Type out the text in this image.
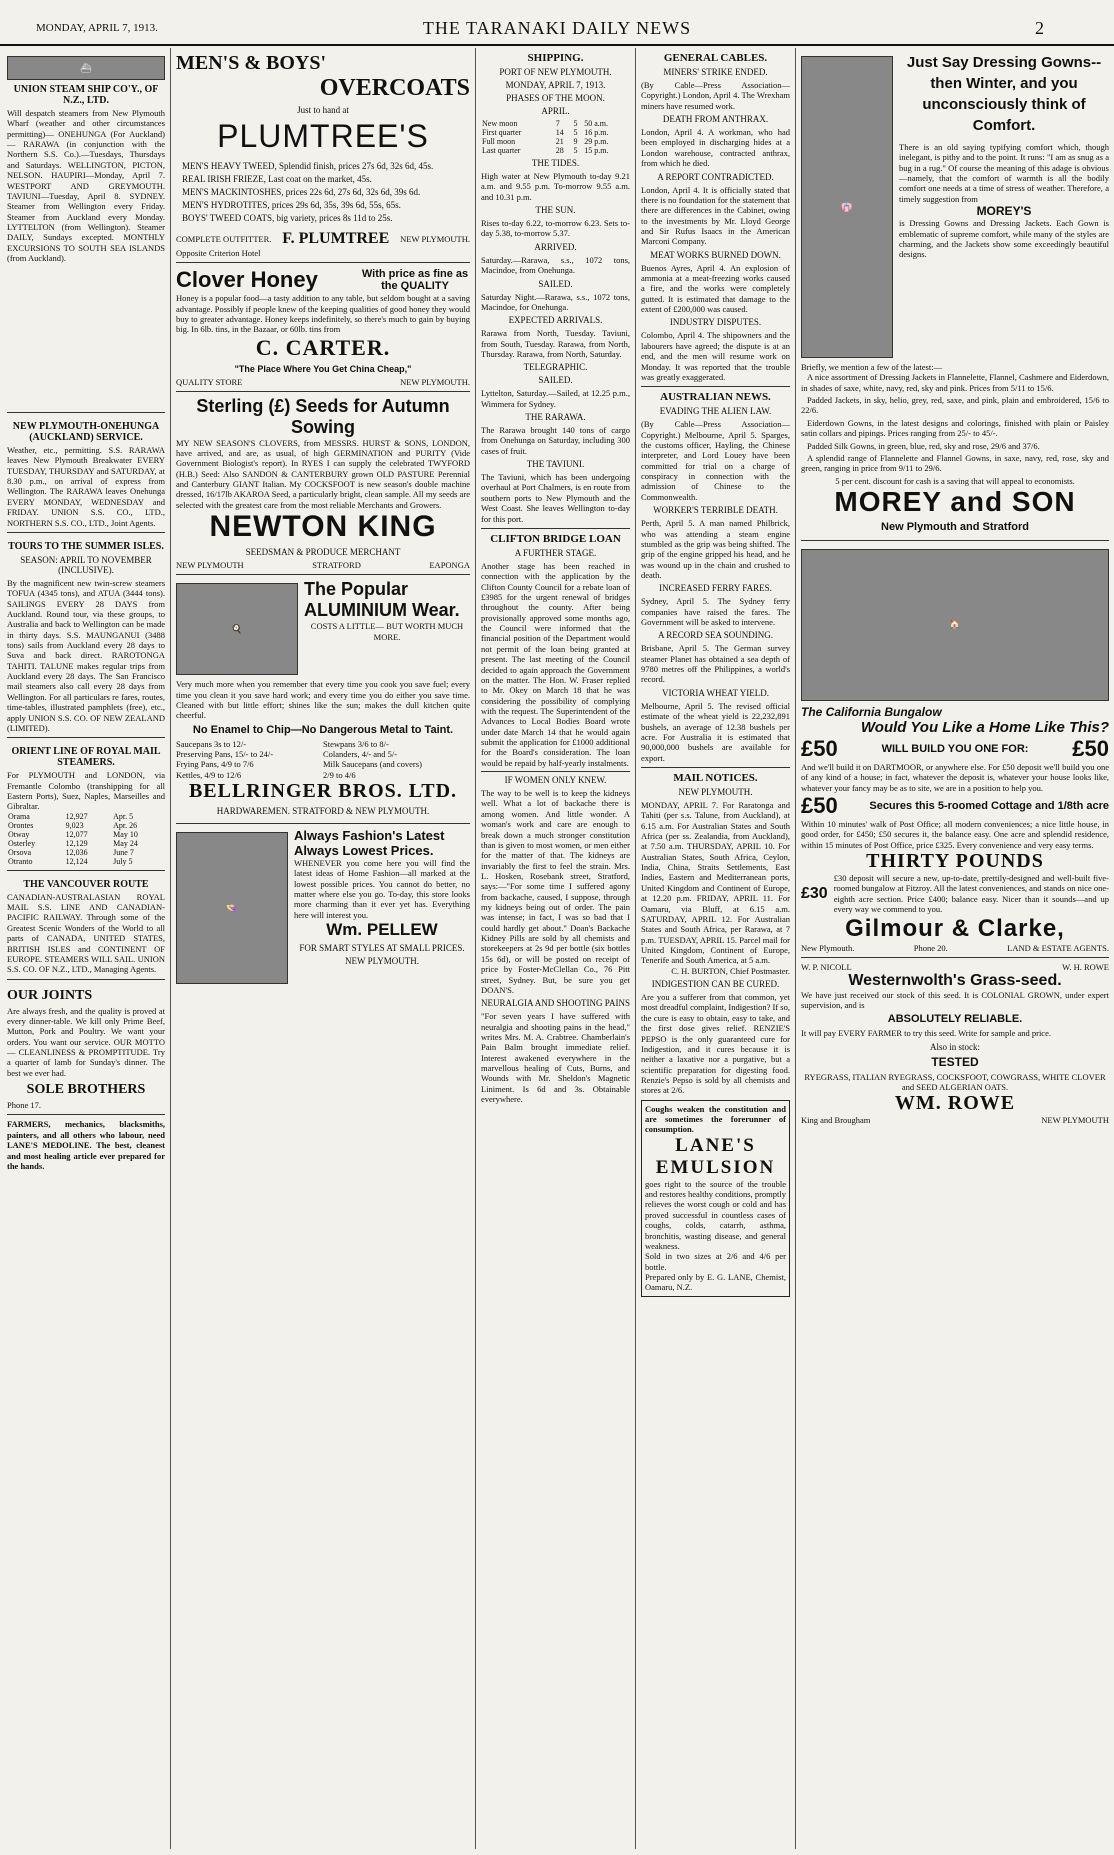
MONDAY, APRIL 7, 1913.	THE TARANAKI DAILY NEWS	2
⛴
UNION STEAM SHIP CO'Y., OF N.Z., LTD.
Will despatch steamers from New Plymouth Wharf (weather and other circumstances permitting)— ONEHUNGA (For Auckland)— RARAWA (in conjunction with the Northern S.S. Co.).—Tuesdays, Thursdays and Saturdays. WELLINGTON, PICTON, NELSON. HAUPIRI—Monday, April 7. WESTPORT AND GREYMOUTH. TAVIUNI—Tuesday, April 8. SYDNEY. Steamer from Wellington every Friday. Steamer from Auckland every Monday. LYTTELTON (from Wellington). Steamer DAILY, Sundays excepted. MONTHLY EXCURSIONS TO SOUTH SEA ISLANDS (from Auckland).
NEW PLYMOUTH-ONEHUNGA (AUCKLAND) SERVICE.
Weather, etc., permitting. S.S. RARAWA leaves New Plymouth Breakwater EVERY TUESDAY, THURSDAY and SATURDAY, at 8.30 p.m., on arrival of express from Wellington. The RARAWA leaves Onehunga EVERY MONDAY, WEDNESDAY and FRIDAY. UNION S.S. CO., LTD., NORTHERN S.S. CO., LTD., Joint Agents.
TOURS TO THE SUMMER ISLES.
SEASON: APRIL TO NOVEMBER (INCLUSIVE).
By the magnificent new twin-screw steamers TOFUA (4345 tons), and ATUA (3444 tons). SAILINGS EVERY 28 DAYS from Auckland. Round tour, via these groups, to Australia and back to Wellington can be made in thirty days. S.S. MAUNGANUI (3488 tons) sails from Auckland every 28 days to Suva and back direct. RAROTONGA TAHITI. TALUNE makes regular trips from Auckland every 28 days. The San Francisco mail steamers also call every 28 days from Wellington. For all particulars re fares, routes, time-tables, illustrated pamphlets (free), etc., apply UNION S.S. CO. OF NEW ZEALAND (LIMITED).
ORIENT LINE OF ROYAL MAIL STEAMERS.
For PLYMOUTH and LONDON, via Fremantle Colombo (transhipping for all Eastern Ports), Suez, Naples, Marseilles and Gibraltar.
Orama	12,927	Apr. 5
Orontes	9,023	Apr. 26
Otway	12,077	May 10
Osterley	12,129	May 24
Orsova	12,036	June 7
Otranto	12,124	July 5
THE VANCOUVER ROUTE
CANADIAN-AUSTRALASIAN ROYAL MAIL S.S. LINE AND CANADIAN-PACIFIC RAILWAY. Through some of the Greatest Scenic Wonders of the World to all parts of CANADA, UNITED STATES, BRITISH ISLES and CONTINENT OF EUROPE. STEAMERS WILL SAIL. UNION S.S. CO. OF N.Z., LTD., Managing Agents.
OUR JOINTS
Are always fresh, and the quality is proved at every dinner-table. We kill only Prime Beef, Mutton, Pork and Poultry. We want your orders. You want our service. OUR MOTTO— CLEANLINESS & PROMPTITUDE. Try a quarter of lamb for Sunday's dinner. The best we ever had.
SOLE BROTHERS
Phone 17.
FARMERS, mechanics, blacksmiths, painters, and all others who labour, need LANE'S MEDOLINE. The best, cleanest and most healing article ever prepared for the hands.
MEN'S & BOYS'
OVERCOATS
Just to hand at
PLUMTREE'S

MEN'S HEAVY TWEED, Splendid finish, prices 27s 6d, 32s 6d, 45s.

REAL IRISH FRIEZE, Last coat on the market, 45s.

MEN'S MACKINTOSHES, prices 22s 6d, 27s 6d, 32s 6d, 39s 6d.

MEN'S HYDROTITES, prices 29s 6d, 35s, 39s 6d, 55s, 65s.

BOYS' TWEED COATS, big variety, prices 8s 11d to 25s.

COMPLETE OUTFITTER. F. PLUMTREE NEW PLYMOUTH.
Opposite Criterion Hotel
Clover Honey	With price as fine as the QUALITY
Honey is a popular food—a tasty addition to any table, but seldom bought at a saving advantage. Possibly if people knew of the keeping qualities of good honey they would buy to greater advantage. Honey keeps indefinitely, so there's much to gain by buying big. In 6lb. tins, in the Bazaar, or 60lb. tins from
C. CARTER.
"The Place Where You Get China Cheap,"
QUALITY STORE	NEW PLYMOUTH.
Sterling (£) Seeds for Autumn Sowing
MY NEW SEASON'S CLOVERS, from MESSRS. HURST & SONS, LONDON, have arrived, and are, as usual, of high GERMINATION and PURITY (Vide Government Biologist's report). In RYES I can supply the celebrated TWYFORD (H.B.) Seed: Also SANDON & CANTERBURY grown OLD PASTURE Perennial and Canterbury GIANT Italian. My COCKSFOOT is new season's double machine dressed, 16/17lb AKAROA Seed, a particularly bright, clean sample. All my seeds are selected with the greatest care from the most reliable Merchants and Growers.
NEWTON KING
SEEDSMAN & PRODUCE MERCHANT
NEW PLYMOUTH	STRATFORD	EAPONGA
🍳
The Popular ALUMINIUM Wear.
COSTS A LITTLE— BUT WORTH MUCH MORE.
Very much more when you remember that every time you cook you save fuel; every time you clean it you save hard work; and every time you do either you save time. Cleaned with but little effort; shines like the sun; makes the dull kitchen quite cheerful.
No Enamel to Chip—No Dangerous Metal to Taint.
Saucepans 3s to 12/-	Stewpans 3/6 to 8/-
Preserving Pans, 15/- to 24/-	Colanders, 4/- and 5/-
Frying Pans, 4/9 to 7/6	Milk Saucepans (and covers)
Kettles, 4/9 to 12/6	2/9 to 4/6
BELLRINGER BROS. LTD.
HARDWAREMEN. STRATFORD & NEW PLYMOUTH.
👒
Always Fashion's Latest
Always Lowest Prices.
WHENEVER you come here you will find the latest ideas of Home Fashion—all marked at the lowest possible prices. You cannot do better, no matter where else you go. To-day, this store looks more charming than it ever yet has. Everything here will interest you.
Wm. PELLEW
FOR SMART STYLES AT SMALL PRICES.
NEW PLYMOUTH.
SHIPPING.
PORT OF NEW PLYMOUTH.
MONDAY, APRIL 7, 1913.
PHASES OF THE MOON.
APRIL.
New moon	7	5	50 a.m.
First quarter	14	5	16 p.m.
Full moon	21	9	29 p.m.
Last quarter	28	5	15 p.m.
THE TIDES.
High water at New Plymouth to-day 9.21 a.m. and 9.55 p.m. To-morrow 9.55 a.m. and 10.31 p.m.
THE SUN.
Rises to-day 6.22, to-morrow 6.23. Sets to-day 5.38, to-morrow 5.37.
ARRIVED.
Saturday.—Rarawa, s.s., 1072 tons, Macindoe, from Onehunga.
SAILED.
Saturday Night.—Rarawa, s.s., 1072 tons, Macindoe, for Onehunga.
EXPECTED ARRIVALS.
Rarawa from North, Tuesday. Taviuni, from South, Tuesday. Rarawa, from North, Thursday. Rarawa, from North, Saturday.
TELEGRAPHIC.
SAILED.
Lyttelton, Saturday.—Sailed, at 12.25 p.m., Wimmera for Sydney.
THE RARAWA.
The Rarawa brought 140 tons of cargo from Onehunga on Saturday, including 300 cases of fruit.
THE TAVIUNI.
The Taviuni, which has been undergoing overhaul at Port Chalmers, is en route from southern ports to New Plymouth and the West Coast. She leaves Wellington to-day for this port.
CLIFTON BRIDGE LOAN
A FURTHER STAGE.
Another stage has been reached in connection with the application by the Clifton County Council for a rebate loan of £3985 for the urgent renewal of bridges throughout the county. After being provisionally approved some months ago, the Council were informed that the financial position of the Department would not permit of the loan being granted at present. The last meeting of the Council decided to again approach the Government on the matter. The Hon. W. Fraser replied to Mr. Okey on March 18 that he was considering the possibility of complying with the request. The Superintendent of the Advances to Local Bodies Board wrote under date March 14 that he would again submit the application for £1000 additional for the Board's consideration. The loan would be repaid by half-yearly instalments.
IF WOMEN ONLY KNEW.
The way to be well is to keep the kidneys well. What a lot of backache there is among women. And little wonder. A woman's work and care are enough to break down a much stronger constitution than is given to most women, or men either for the matter of that. The kidneys are invariably the first to feel the strain. Mrs. L. Hosken, Rosebank street, Stratford, says:—"For some time I suffered agony from backache, caused, I suppose, through my kidneys being out of order. The pain was intense; in fact, I was so bad that I could hardly get about." Doan's Backache Kidney Pills are sold by all chemists and storekeepers at 2s 9d per bottle (six bottles 15s 6d), or will be posted on receipt of price by Foster-McClellan Co., 76 Pitt street, Sydney. But, be sure you get DOAN'S.
NEURALGIA AND SHOOTING PAINS
"For seven years I have suffered with neuralgia and shooting pains in the head," writes Mrs. M. A. Crabtree. Chamberlain's Pain Balm brought immediate relief. Interest awakened everywhere in the marvellous healing of Cuts, Burns, and Wounds with Mr. Sheldon's Magnetic Liniment. Is 6d and 3s. Obtainable everywhere.
GENERAL CABLES.
MINERS' STRIKE ENDED.
(By Cable—Press Association—Copyright.) London, April 4. The Wrexham miners have resumed work.
DEATH FROM ANTHRAX.
London, April 4. A workman, who had been employed in discharging hides at a London warehouse, contracted anthrax, from which he died.
A REPORT CONTRADICTED.
London, April 4. It is officially stated that there is no foundation for the statement that there are differences in the Cabinet, owing to the investments by Mr. Lloyd George and Sir Rufus Isaacs in the American Marconi Company.
MEAT WORKS BURNED DOWN.
Buenos Ayres, April 4. An explosion of ammonia at a meat-freezing works caused a fire, and the works were completely gutted. It is estimated that damage to the extent of £200,000 was caused.
INDUSTRY DISPUTES.
Colombo, April 4. The shipowners and the labourers have agreed; the dispute is at an end, and the men will resume work on Monday. It was reported that the trouble was greatly exaggerated.
AUSTRALIAN NEWS.
EVADING THE ALIEN LAW.
(By Cable—Press Association—Copyright.) Melbourne, April 5. Sparges, the customs officer, Hayling, the Chinese interpreter, and Lord Louey have been committed for trial on a charge of conspiracy in connection with the admission of Chinese to the Commonwealth.
WORKER'S TERRIBLE DEATH.
Perth, April 5. A man named Philbrick, who was attending a steam engine stumbled as the grip was being shifted. The grip of the engine gripped his head, and he was wound up in the chain and crushed to death.
INCREASED FERRY FARES.
Sydney, April 5. The Sydney ferry companies have raised the fares. The Government will be asked to intervene.
A RECORD SEA SOUNDING.
Brisbane, April 5. The German survey steamer Planet has obtained a sea depth of 9780 metres off the Philippines, a world's record.
VICTORIA WHEAT YIELD.
Melbourne, April 5. The revised official estimate of the wheat yield is 22,232,891 bushels, an average of 12.38 bushels per acre. For Australia it is estimated that 90,000,000 bushels are available for export.
MAIL NOTICES.
NEW PLYMOUTH.
MONDAY, APRIL 7. For Raratonga and Tahiti (per s.s. Talune, from Auckland), at 6.15 a.m. For Australian States and South Africa (per ss. Zealandia, from Auckland), at 7.50 a.m. THURSDAY, APRIL 10. For Australian States, South Africa, Ceylon, India, China, Straits Settlements, East Indies, Eastern and Mediterranean ports, United Kingdom and Continent of Europe, at 12.20 p.m. FRIDAY, APRIL 11. For Oamaru, via Bluff, at 6.15 a.m. SATURDAY, APRIL 12. For Australian States and South Africa, per Rarawa, at 7 p.m. TUESDAY, APRIL 15. Parcel mail for United Kingdom, Continent of Europe, Tenerife and South America, at 5 a.m.
C. H. BURTON, Chief Postmaster.
INDIGESTION CAN BE CURED.
Are you a sufferer from that common, yet most dreadful complaint, Indigestion? If so, the cure is easy to obtain, easy to take, and the first dose gives relief. RENZIE'S PEPSO is the only guaranteed cure for Indigestion, and it cures because it is neither a laxative nor a purgative, but a scientific preparation for digesting food. Renzie's Pepso is sold by all chemists and stores at 2/6.
Coughs weaken the constitution and are sometimes the forerunner of consumption.
LANE'S EMULSION
goes right to the source of the trouble and restores healthy conditions, promptly relieves the worst cough or cold and has proved successful in countless cases of coughs, colds, catarrh, asthma, bronchitis, wasting disease, and general weakness.
Sold in two sizes at 2/6 and 4/6 per bottle.
Prepared only by E. G. LANE, Chemist, Oamaru, N.Z.
👘
Just Say Dressing Gowns--then Winter, and you unconsciously think of Comfort.
There is an old saying typifying comfort which, though inelegant, is pithy and to the point. It runs: "I am as snug as a bug in a rug." Of course the meaning of this adage is obvious—namely, that the comfort of warmth is all the bodily comfort one needs at a time of stress of weather. Therefore, a timely suggestion from
MOREY'S
is Dressing Gowns and Dressing Jackets. Each Gown is emblematic of supreme comfort, while many of the styles are charming, and the Jackets show some exceedingly beautiful designs.
Briefly, we mention a few of the latest:—

A nice assortment of Dressing Jackets in Flannelette, Flannel, Cashmere and Eiderdown, in shades of saxe, white, navy, red, sky and pink. Prices from 5/11 to 15/6.

Padded Jackets, in sky, helio, grey, red, saxe, and pink, plain and embroidered, 15/6 to 22/6.

Eiderdown Gowns, in the latest designs and colorings, finished with plain or Paisley satin collars and pipings. Prices ranging from 25/- to 45/-.

Padded Silk Gowns, in green, blue, red, sky and rose, 29/6 and 37/6.

A splendid range of Flannelette and Flannel Gowns, in saxe, navy, red, rose, sky and green, ranging in price from 9/11 to 29/6.

5 per cent. discount for cash is a saving that will appeal to economists.
MOREY and SON
New Plymouth and Stratford
🏠
The California Bungalow
Would You Like a Home Like This?
£50	WILL BUILD YOU ONE FOR: £50
And we'll build it on DARTMOOR, or anywhere else. For £50 deposit we'll build you one of any kind of a house; in fact, whatever the deposit is, whatever your house looks like, whatever your fancy may be as to site, we are in a position to help you.
£50	Secures this 5-roomed Cottage and 1/8th acre
Within 10 minutes' walk of Post Office; all modern conveniences; a nice little house, in good order, for £450; £50 secures it, the balance easy. One acre and splendid residence, within 15 minutes of Post Office, price £325. Every convenience and very easy terms.
THIRTY POUNDS
£30
£30 deposit will secure a new, up-to-date, prettily-designed and well-built five-roomed bungalow at Fitzroy. All the latest conveniences, and stands on nice one-eighth acre section. Price £400; balance easy. Nicer than it sounds—and up every way we commend to you.
Gilmour & Clarke,
New Plymouth.	Phone 20.	LAND & ESTATE AGENTS.
W. P. NICOLL	W. H. ROWE
Westernwolth's Grass-seed.
We have just received our stock of this seed. It is COLONIAL GROWN, under expert supervision, and is
ABSOLUTELY RELIABLE.
It will pay EVERY FARMER to try this seed. Write for sample and price.
Also in stock:
TESTED
RYEGRASS, ITALIAN RYEGRASS, COCKSFOOT, COWGRASS, WHITE CLOVER and SEED ALGERIAN OATS.
WM. ROWE
King and Brougham	NEW PLYMOUTH
